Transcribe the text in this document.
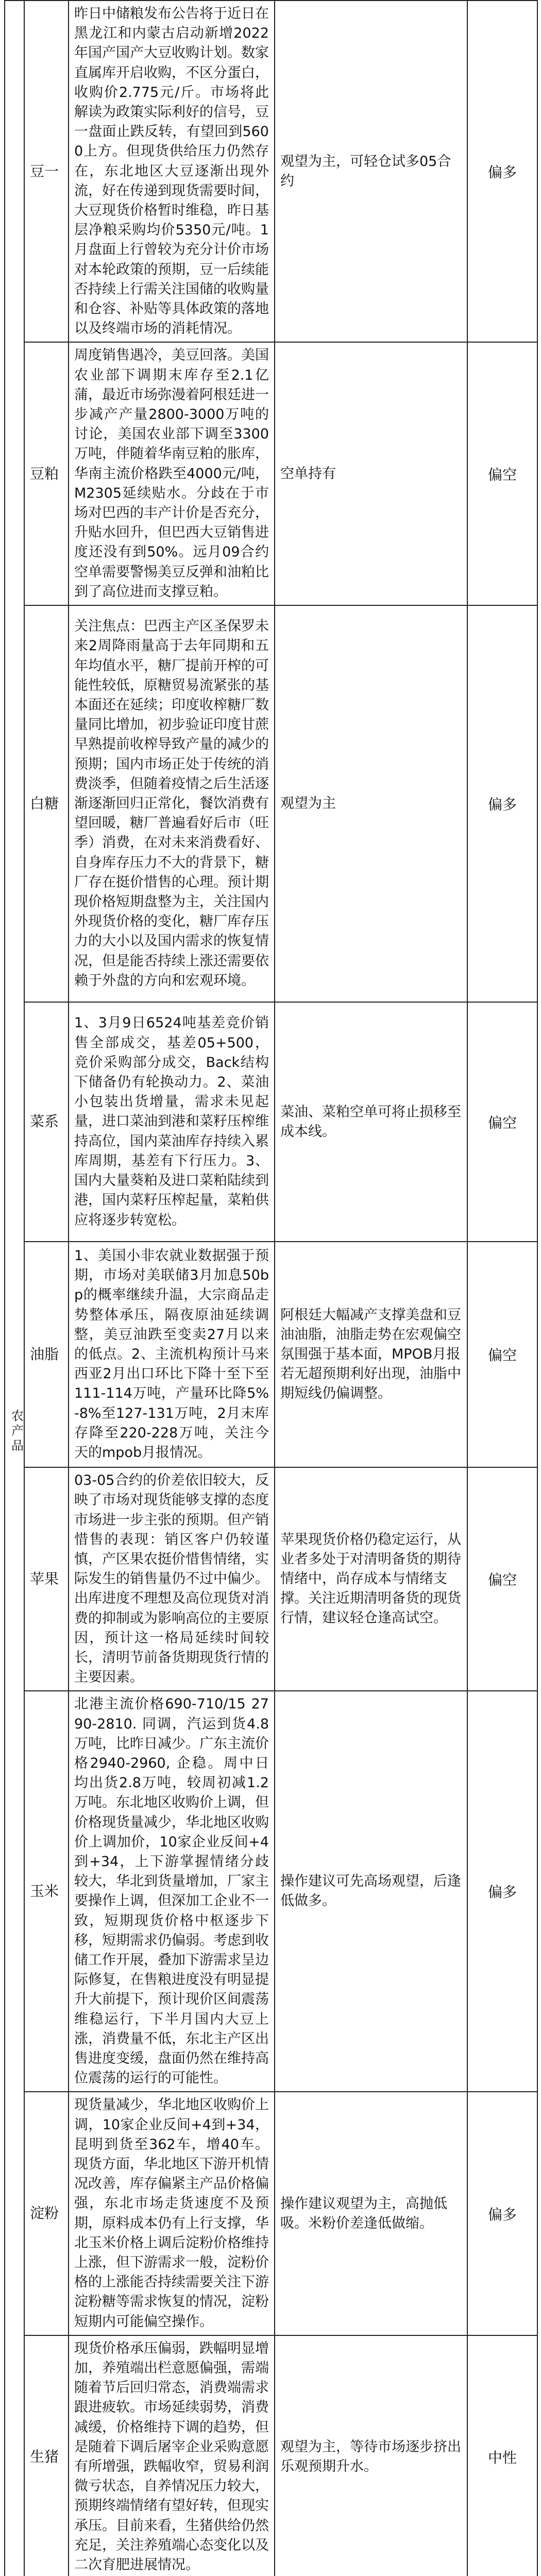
农产品	豆一	昨日中储粮发布公告将于近日在黑龙江和内蒙古启动新增2022年国产国产大豆收购计划。数家直属库开启收购，不区分蛋白，收购价2.775元/斤。市场将此解读为政策实际利好的信号，豆一盘面止跌反转，有望回到5600上方。但现货供给压力仍然存在，东北地区大豆逐渐出现外流，好在传递到现货需要时间，大豆现货价格暂时维稳，昨日基层净粮采购均价5350元/吨。1月盘面上行曾较为充分计价市场对本轮政策的预期，豆一后续能否持续上行需关注国储的收购量和仓容、补贴等具体政策的落地以及终端市场的消耗情况。	观望为主，可轻仓试多05合约	偏多
	豆粕	周度销售遇冷，美豆回落。美国农业部下调期末库存至2.1亿蒲，最近市场弥漫着阿根廷进一步减产产量2800-3000万吨的讨论，美国农业部下调至3300万吨，伴随着华南豆粕的胀库，华南主流价格跌至4000元/吨，M2305延续贴水。分歧在于市场对巴西的丰产计价是否充分，升贴水回升，但巴西大豆销售进度还没有到50%。远月09合约空单需要警惕美豆反弹和油粕比到了高位进而支撑豆粕。	空单持有	偏空
	白糖	关注焦点：巴西主产区圣保罗未来2周降雨量高于去年同期和五年均值水平，糖厂提前开榨的可能性较低，原糖贸易流紧张的基本面还在延续；印度收榨糖厂数量同比增加，初步验证印度甘蔗早熟提前收榨导致产量的减少的预期；国内市场正处于传统的消费淡季，但随着疫情之后生活逐渐逐渐回归正常化，餐饮消费有望回暖，糖厂普遍看好后市（旺季）消费，在对未来消费看好、自身库存压力不大的背景下，糖厂存在挺价惜售的心理。预计期现价格短期盘整为主，关注国内外现货价格的变化，糖厂库存压力的大小以及国内需求的恢复情况，但是能否持续上涨还需要依赖于外盘的方向和宏观环境。	观望为主	偏多
	菜系	1、3月9日6524吨基差竞价销售全部成交，基差05+500，竞价采购部分成交，Back结构下储备仍有轮换动力。2、菜油小包装出货增量，需求未见起量，进口菜油到港和菜籽压榨维持高位，国内菜油库存持续入累库周期，基差有下行压力。3、国内大量葵粕及进口菜粕陆续到港，国内菜籽压榨起量，菜粕供应将逐步转宽松。	菜油、菜粕空单可将止损移至成本线。	偏空
	油脂	1、美国小非农就业数据强于预期，市场对美联储3月加息50bp的概率继续升温，大宗商品走势整体承压，隔夜原油延续调整，美豆油跌至变卖27月以来的低点。2、主流机构预计马来西亚2月出口环比下降十至下至111-114万吨，产量环比降5%-8%至127-131万吨，2月末库存降至220-228万吨，关注今天的mpob月报情况。	阿根廷大幅减产支撑美盘和豆油油脂，油脂走势在宏观偏空氛围强于基本面，MPOB月报若无超预期利好出现，油脂中期短线仍偏调整。	偏空
	苹果	03-05合约的价差依旧较大，反映了市场对现货能够支撑的态度市场进一步主张的预期。但产销惜售的表现：销区客户仍较谨慎，产区果农挺价惜售情绪，实际发生的销售量仍不过中偏少。出库进度不理想及高位现货对消费的抑制或为影响高位的主要原因，预计这一格局延续时间较长，清明节前备货期现货行情的主要因素。	苹果现货价格仍稳定运行，从业者多处于对清明备货的期待情绪中，尚存成本与情绪支撑。关注近期清明备货的现货行情，建议轻仓逢高试空。	偏空
	玉米	北港主流价格690-710/15 2790-2810. 同调，汽运到货4.8万吨，比昨日减少。广东主流价格2940-2960, 企稳。周中日均出货2.8万吨，较周初减1.2万吨。东北地区收购价上调，但价格现货量减少，华北地区收购价上调加价，10家企业反间+4到+34，上下游掌握情绪分歧较大，华北到货量增加，厂家主要操作上调，但深加工企业不一致，短期现货价格中枢逐步下移，短期需求仍偏弱。考虑到收储工作开展，叠加下游需求呈边际修复，在售粮进度没有明显提升大前提下，预计现价区间震荡维稳运行，下半月国内大豆上涨，消费量不低，东北主产区出售进度变缓，盘面仍然在维持高位震荡的运行的可能性。	操作建议可先高场观望，后逢低做多。	偏多
	淀粉	现货量减少，华北地区收购价上调，10家企业反间+4到+34，昆明到货至362车，增40车。现货方面，华北地区下游开机情况改善，库存偏紧主产品价格偏强，东北市场走货速度不及预期，原料成本仍有上行支撑，华北玉米价格上调后淀粉价格维持上涨，但下游需求一般，淀粉价格的上涨能否持续需要关注下游淀粉糖等需求恢复的情况，淀粉短期内可能偏空操作。	操作建议观望为主，高抛低吸。米粉价差逢低做缩。	偏多
	生猪	现货价格承压偏弱，跌幅明显增加，养殖端出栏意愿偏强，需端随着节后回归常态，消费端需求跟进疲软。市场延续弱势，消费减缓，价格维持下调的趋势，但是随着下调后屠宰企业采购意愿有所增强，跌幅收窄，贸易利润微亏状态，自养情况压力较大，预期终端情绪有望好转，但现实承压。目前来看，生猪供给仍然充足，关注养殖端心态变化以及二次育肥进展情况。	观望为主，等待市场逐步挤出乐观预期升水。	中性
